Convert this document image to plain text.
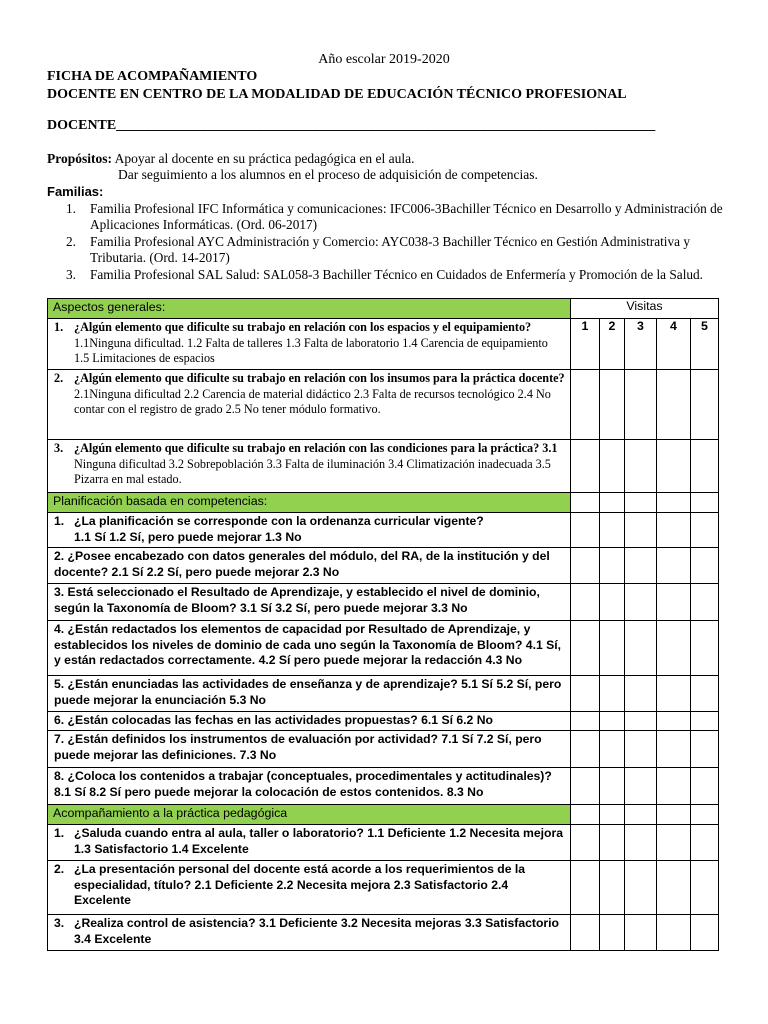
Año escolar 2019-2020
FICHA DE ACOMPAÑAMIENTO
DOCENTE EN CENTRO DE LA MODALIDAD DE EDUCACIÓN TÉCNICO PROFESIONAL
DOCENTE_____________________________________________________________________________
Propósitos: Apoyar al docente en su práctica pedagógica en el aula.
Dar seguimiento a los alumnos en el proceso de adquisición de competencias.
Familias:
1.	Familia Profesional IFC Informática y comunicaciones: IFC006-3Bachiller Técnico en Desarrollo y Administración de Aplicaciones Informáticas. (Ord. 06-2017)
2.	Familia Profesional AYC Administración y Comercio: AYC038-3 Bachiller Técnico en Gestión Administrativa y Tributaria. (Ord. 14-2017)
3.	Familia Profesional SAL Salud: SAL058-3 Bachiller Técnico en Cuidados de Enfermería y Promoción de la Salud.
Aspectos generales:	Visitas				

1. ¿Algún elemento que dificulte su trabajo en relación con los espacios y el equipamiento? 1.1Ninguna dificultad. 1.2 Falta de talleres 1.3 Falta de laboratorio 1.4 Carencia de equipamiento 1.5 Limitaciones de espacios	1	2	3	4	5

2. ¿Algún elemento que dificulte su trabajo en relación con los insumos para la práctica docente? 2.1Ninguna dificultad 2.2 Carencia de material didáctico 2.3 Falta de recursos tecnológico 2.4 No contar con el registro de grado 2.5 No tener módulo formativo.					

3. ¿Algún elemento que dificulte su trabajo en relación con las condiciones para la práctica? 3.1 Ninguna dificultad 3.2 Sobrepoblación 3.3 Falta de iluminación 3.4 Climatización inadecuada 3.5 Pizarra en mal estado.					

Planificación basada en competencias:					

1. ¿La planificación se corresponde con la ordenanza curricular vigente?
1.1 Sí 1.2 Sí, pero puede mejorar 1.3 No					

2. ¿Posee encabezado con datos generales del módulo, del RA, de la institución y del docente? 2.1 Sí 2.2 Sí, pero puede mejorar 2.3 No					
3. Está seleccionado el Resultado de Aprendizaje, y establecido el nivel de dominio, según la Taxonomía de Bloom? 3.1 Sí 3.2 Sí, pero puede mejorar 3.3 No					
4. ¿Están redactados los elementos de capacidad por Resultado de Aprendizaje, y establecidos los niveles de dominio de cada uno según la Taxonomía de Bloom? 4.1 Sí, y están redactados correctamente. 4.2 Sí pero puede mejorar la redacción 4.3 No					
5. ¿Están enunciadas las actividades de enseñanza y de aprendizaje? 5.1 Sí 5.2 Sí, pero puede mejorar la enunciación 5.3 No					
6. ¿Están colocadas las fechas en las actividades propuestas? 6.1 Sí 6.2 No					
7. ¿Están definidos los instrumentos de evaluación por actividad? 7.1 Sí 7.2 Sí, pero puede mejorar las definiciones. 7.3 No					
8. ¿Coloca los contenidos a trabajar (conceptuales, procedimentales y actitudinales)? 8.1 Sí 8.2 Sí pero puede mejorar la colocación de estos contenidos. 8.3 No					
Acompañamiento a la práctica pedagógica					

1. ¿Saluda cuando entra al aula, taller o laboratorio? 1.1 Deficiente 1.2 Necesita mejora 1.3 Satisfactorio 1.4 Excelente					

2. ¿La presentación personal del docente está acorde a los requerimientos de la especialidad, título? 2.1 Deficiente 2.2 Necesita mejora 2.3 Satisfactorio 2.4 Excelente					

3. ¿Realiza control de asistencia? 3.1 Deficiente 3.2 Necesita mejoras 3.3 Satisfactorio 3.4 Excelente					
